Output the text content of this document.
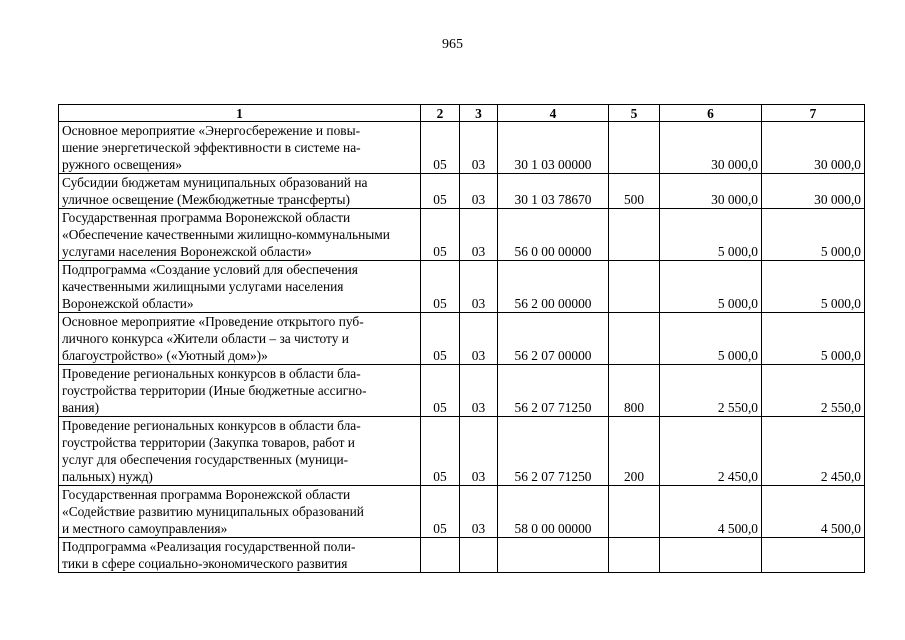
965
1	2	3	4	5	6	7

Основное мероприятие «Энергосбережение и повы-
шение энергетической эффективности в системе на-
ружного освещения»	05	03	30 1 03 00000		30 000,0	30 000,0

Субсидии бюджетам муниципальных образований на
уличное освещение (Межбюджетные трансферты)	05	03	30 1 03 78670	500	30 000,0	30 000,0

Государственная программа Воронежской области
«Обеспечение качественными жилищно-коммунальными
услугами населения Воронежской области»	05	03	56 0 00 00000		5 000,0	5 000,0

Подпрограмма «Создание условий для обеспечения
качественными жилищными услугами населения
Воронежской области»	05	03	56 2 00 00000		5 000,0	5 000,0

Основное мероприятие «Проведение открытого пуб-
личного конкурса «Жители области – за чистоту и
благоустройство» («Уютный дом»)»	05	03	56 2 07 00000		5 000,0	5 000,0

Проведение региональных конкурсов в области бла-
гоустройства территории (Иные бюджетные ассигно-
вания)	05	03	56 2 07 71250	800	2 550,0	2 550,0

Проведение региональных конкурсов в области бла-
гоустройства территории (Закупка товаров, работ и
услуг для обеспечения государственных (муници-
пальных) нужд)	05	03	56 2 07 71250	200	2 450,0	2 450,0

Государственная программа Воронежской области
«Содействие развитию муниципальных образований
и местного самоуправления»	05	03	58 0 00 00000		4 500,0	4 500,0

Подпрограмма «Реализация государственной поли-
тики в сфере социально-экономического развития						
